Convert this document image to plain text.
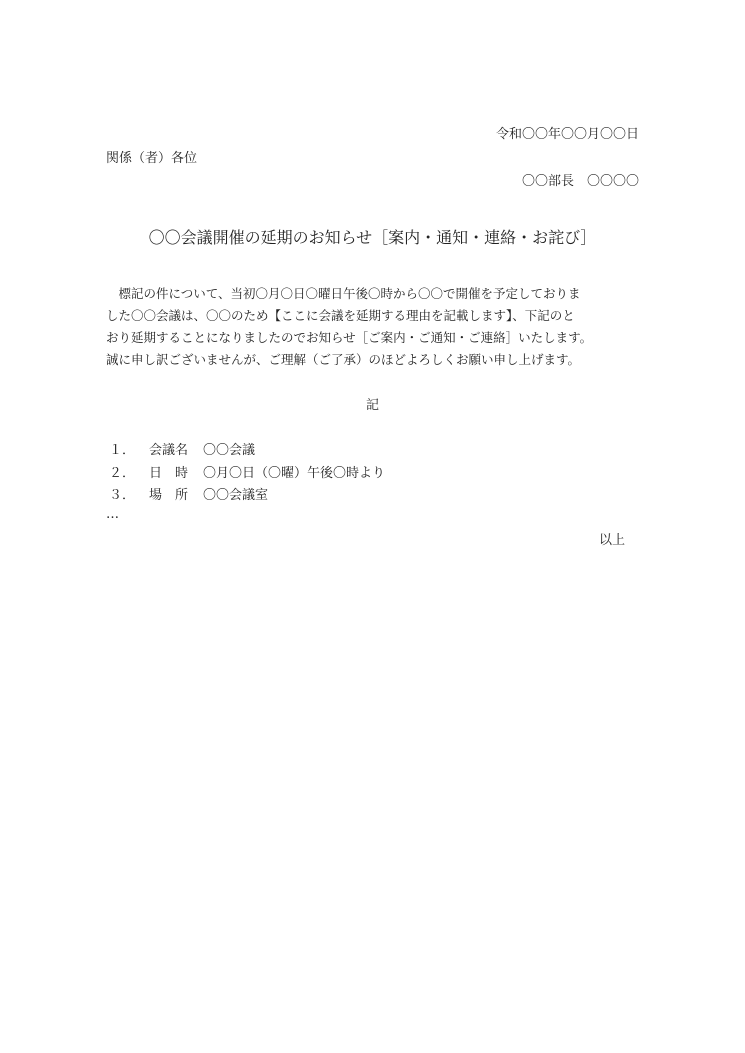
令和〇〇年〇〇月〇〇日
関係（者）各位
〇〇部長　〇〇〇〇
〇〇会議開催の延期のお知らせ［案内・通知・連絡・お詫び］
　標記の件について、当初〇月〇日〇曜日午後〇時から〇〇で開催を予定しておりま
した〇〇会議は、〇〇のため【ここに会議を延期する理由を記載します】、下記のと
おり延期することになりましたのでお知らせ［ご案内・ご通知・ご連絡］いたします。
誠に申し訳ございませんが、ご理解（ご了承）のほどよろしくお願い申し上げます。
記
１．	会議名	〇〇会議
２．	日　時	〇月〇日（〇曜）午後〇時より
３．	場　所	〇〇会議室
…
以上
